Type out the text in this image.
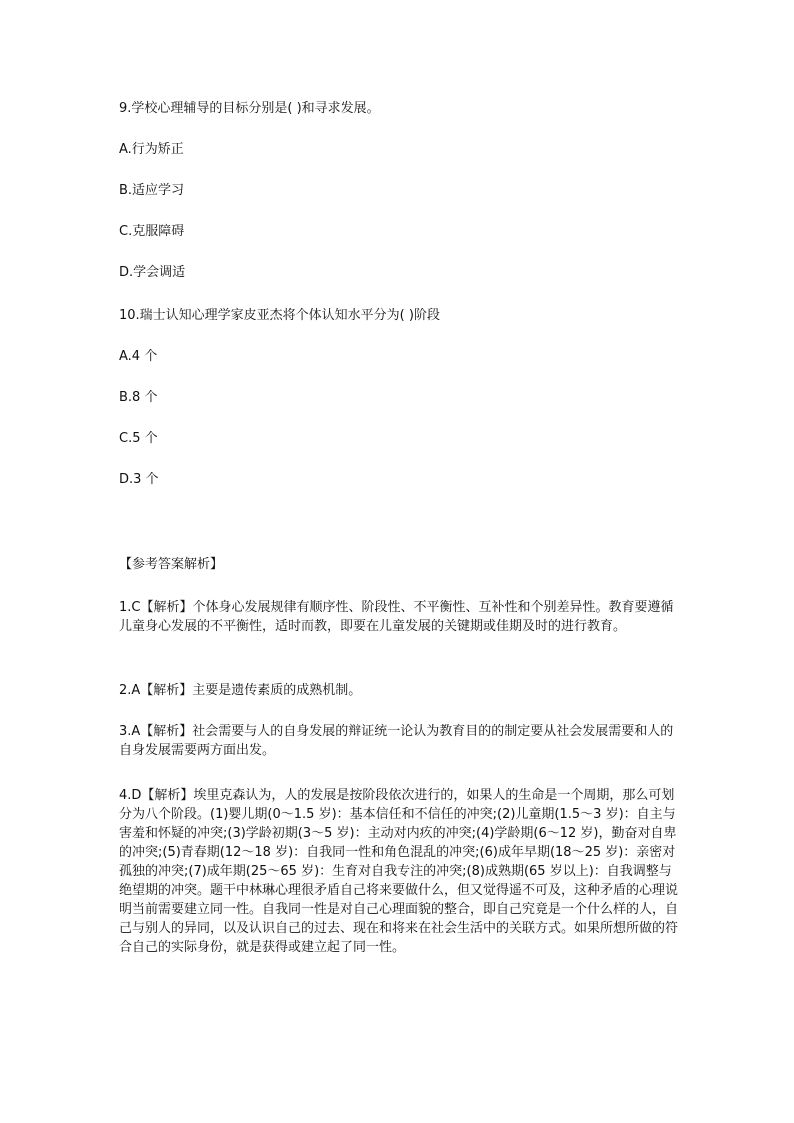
9.学校心理辅导的目标分别是( )和寻求发展。
A.行为矫正
B.适应学习
C.克服障碍
D.学会调适
10.瑞士认知心理学家皮亚杰将个体认知水平分为( )阶段
A.4 个
B.8 个
C.5 个
D.3 个
【参考答案解析】
1.C【解析】个体身心发展规律有顺序性、阶段性、不平衡性、互补性和个别差异性。教育要遵循儿童身心发展的不平衡性，适时而教，即要在儿童发展的关键期或佳期及时的进行教育。
2.A【解析】主要是遗传素质的成熟机制。
3.A【解析】社会需要与人的自身发展的辩证统一论认为教育目的的制定要从社会发展需要和人的自身发展需要两方面出发。
4.D【解析】埃里克森认为，人的发展是按阶段依次进行的，如果人的生命是一个周期，那么可划分为八个阶段。(1)婴儿期(0～1.5 岁)：基本信任和不信任的冲突;(2)儿童期(1.5～3 岁)：自主与害羞和怀疑的冲突;(3)学龄初期(3～5 岁)：主动对内疚的冲突;(4)学龄期(6～12 岁)，勤奋对自卑的冲突;(5)青春期(12～18 岁)：自我同一性和角色混乱的冲突;(6)成年早期(18～25 岁)：亲密对孤独的冲突;(7)成年期(25～65 岁)：生育对自我专注的冲突;(8)成熟期(65 岁以上)：自我调整与绝望期的冲突。题干中林琳心理很矛盾自己将来要做什么，但又觉得遥不可及，这种矛盾的心理说明当前需要建立同一性。自我同一性是对自己心理面貌的整合，即自己究竟是一个什么样的人，自己与别人的异同，以及认识自己的过去、现在和将来在社会生活中的关联方式。如果所想所做的符合自己的实际身份，就是获得或建立起了同一性。
